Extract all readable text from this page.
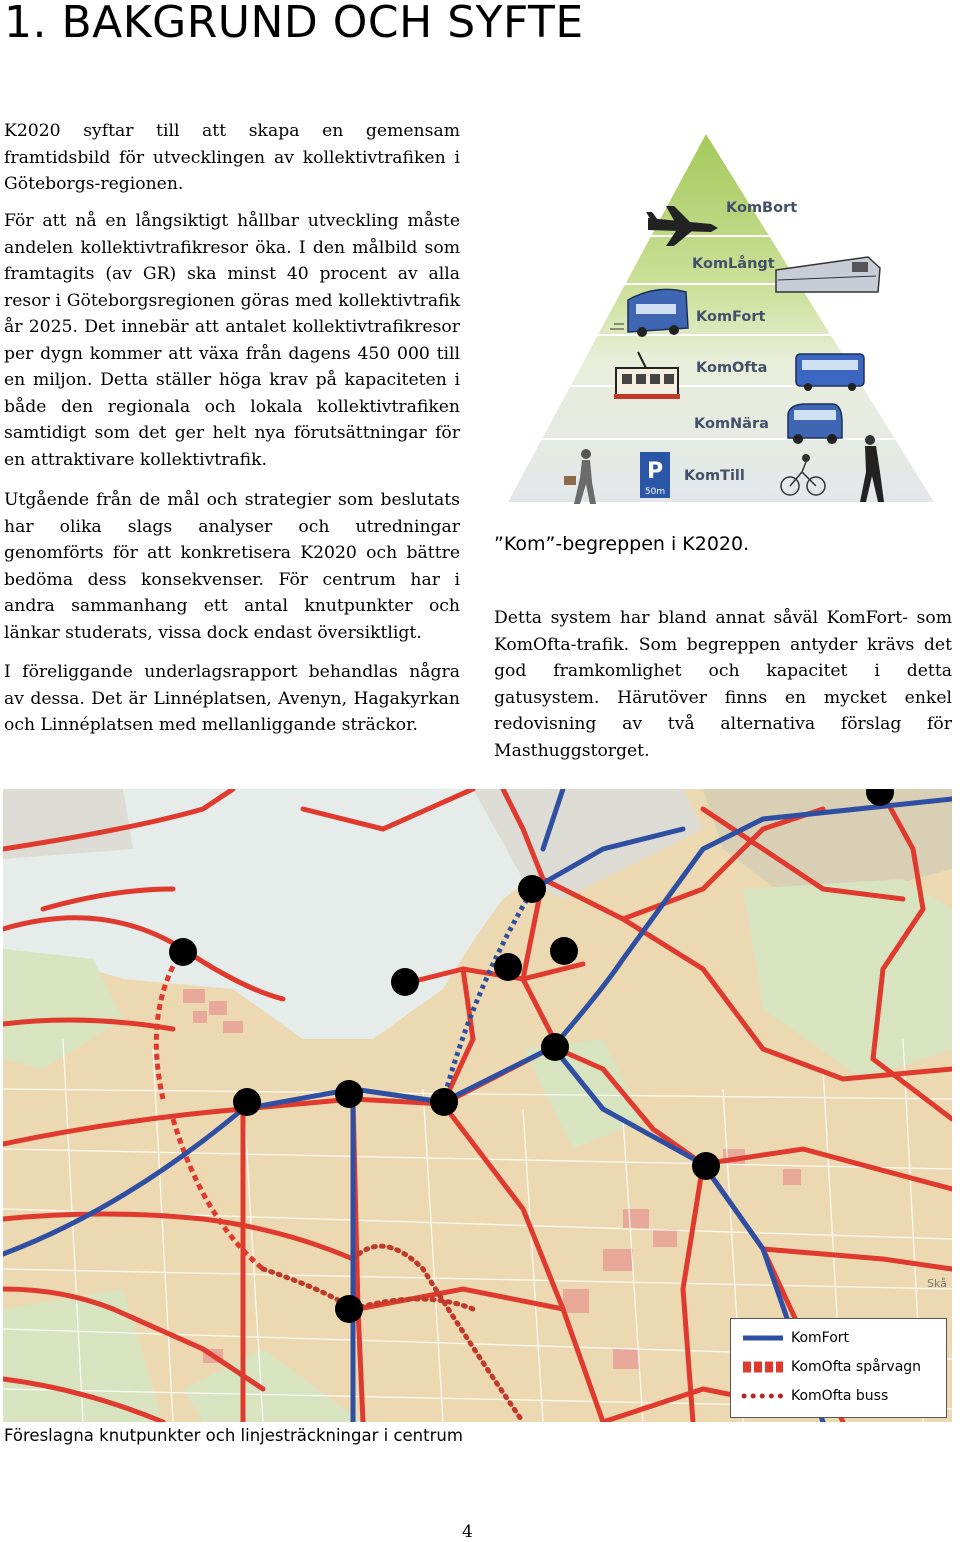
1. BAKGRUND OCH SYFTE

K2020 syftar till att skapa en gemensam framtidsbild för utvecklingen av kollektivtrafiken i Göteborgs-regionen.

För att nå en långsiktigt hållbar utveckling måste andelen kollektivtrafikresor öka. I den målbild som framtagits (av GR) ska minst 40 procent av alla resor i Göteborgsregionen göras med kollektivtrafik år 2025. Det innebär att antalet kollektivtrafikresor per dygn kommer att växa från dagens 450 000 till en miljon. Detta ställer höga krav på kapaciteten i både den regionala och lokala kollektivtrafiken samtidigt som det ger helt nya förutsättningar för en attraktivare kollektivtrafik.

Utgående från de mål och strategier som beslutats har olika slags analyser och utredningar genomförts för att konkretisera K2020 och bättre bedöma dess konsekvenser. För centrum har i andra sammanhang ett antal knutpunkter och länkar studerats, vissa dock endast översiktligt.

I föreliggande underlagsrapport behandlas några av dessa. Det är Linnéplatsen, Avenyn, Hagakyrkan och Linnéplatsen med mellanliggande sträckor.

P
50m
KomBort
KomLångt
KomFort
KomOfta
KomNära
KomTill

”Kom”-begreppen i K2020.

Detta system har bland annat såväl KomFort- som KomOfta-trafik. Som begreppen antyder krävs det god framkomlighet och kapacitet i detta gatusystem. Härutöver finns en mycket enkel redovisning av två alternativa förslag för Masthuggstorget.

Skå
KomFort
KomOfta spårvagn
KomOfta buss

Föreslagna knutpunkter och linjesträckningar i centrum

4
